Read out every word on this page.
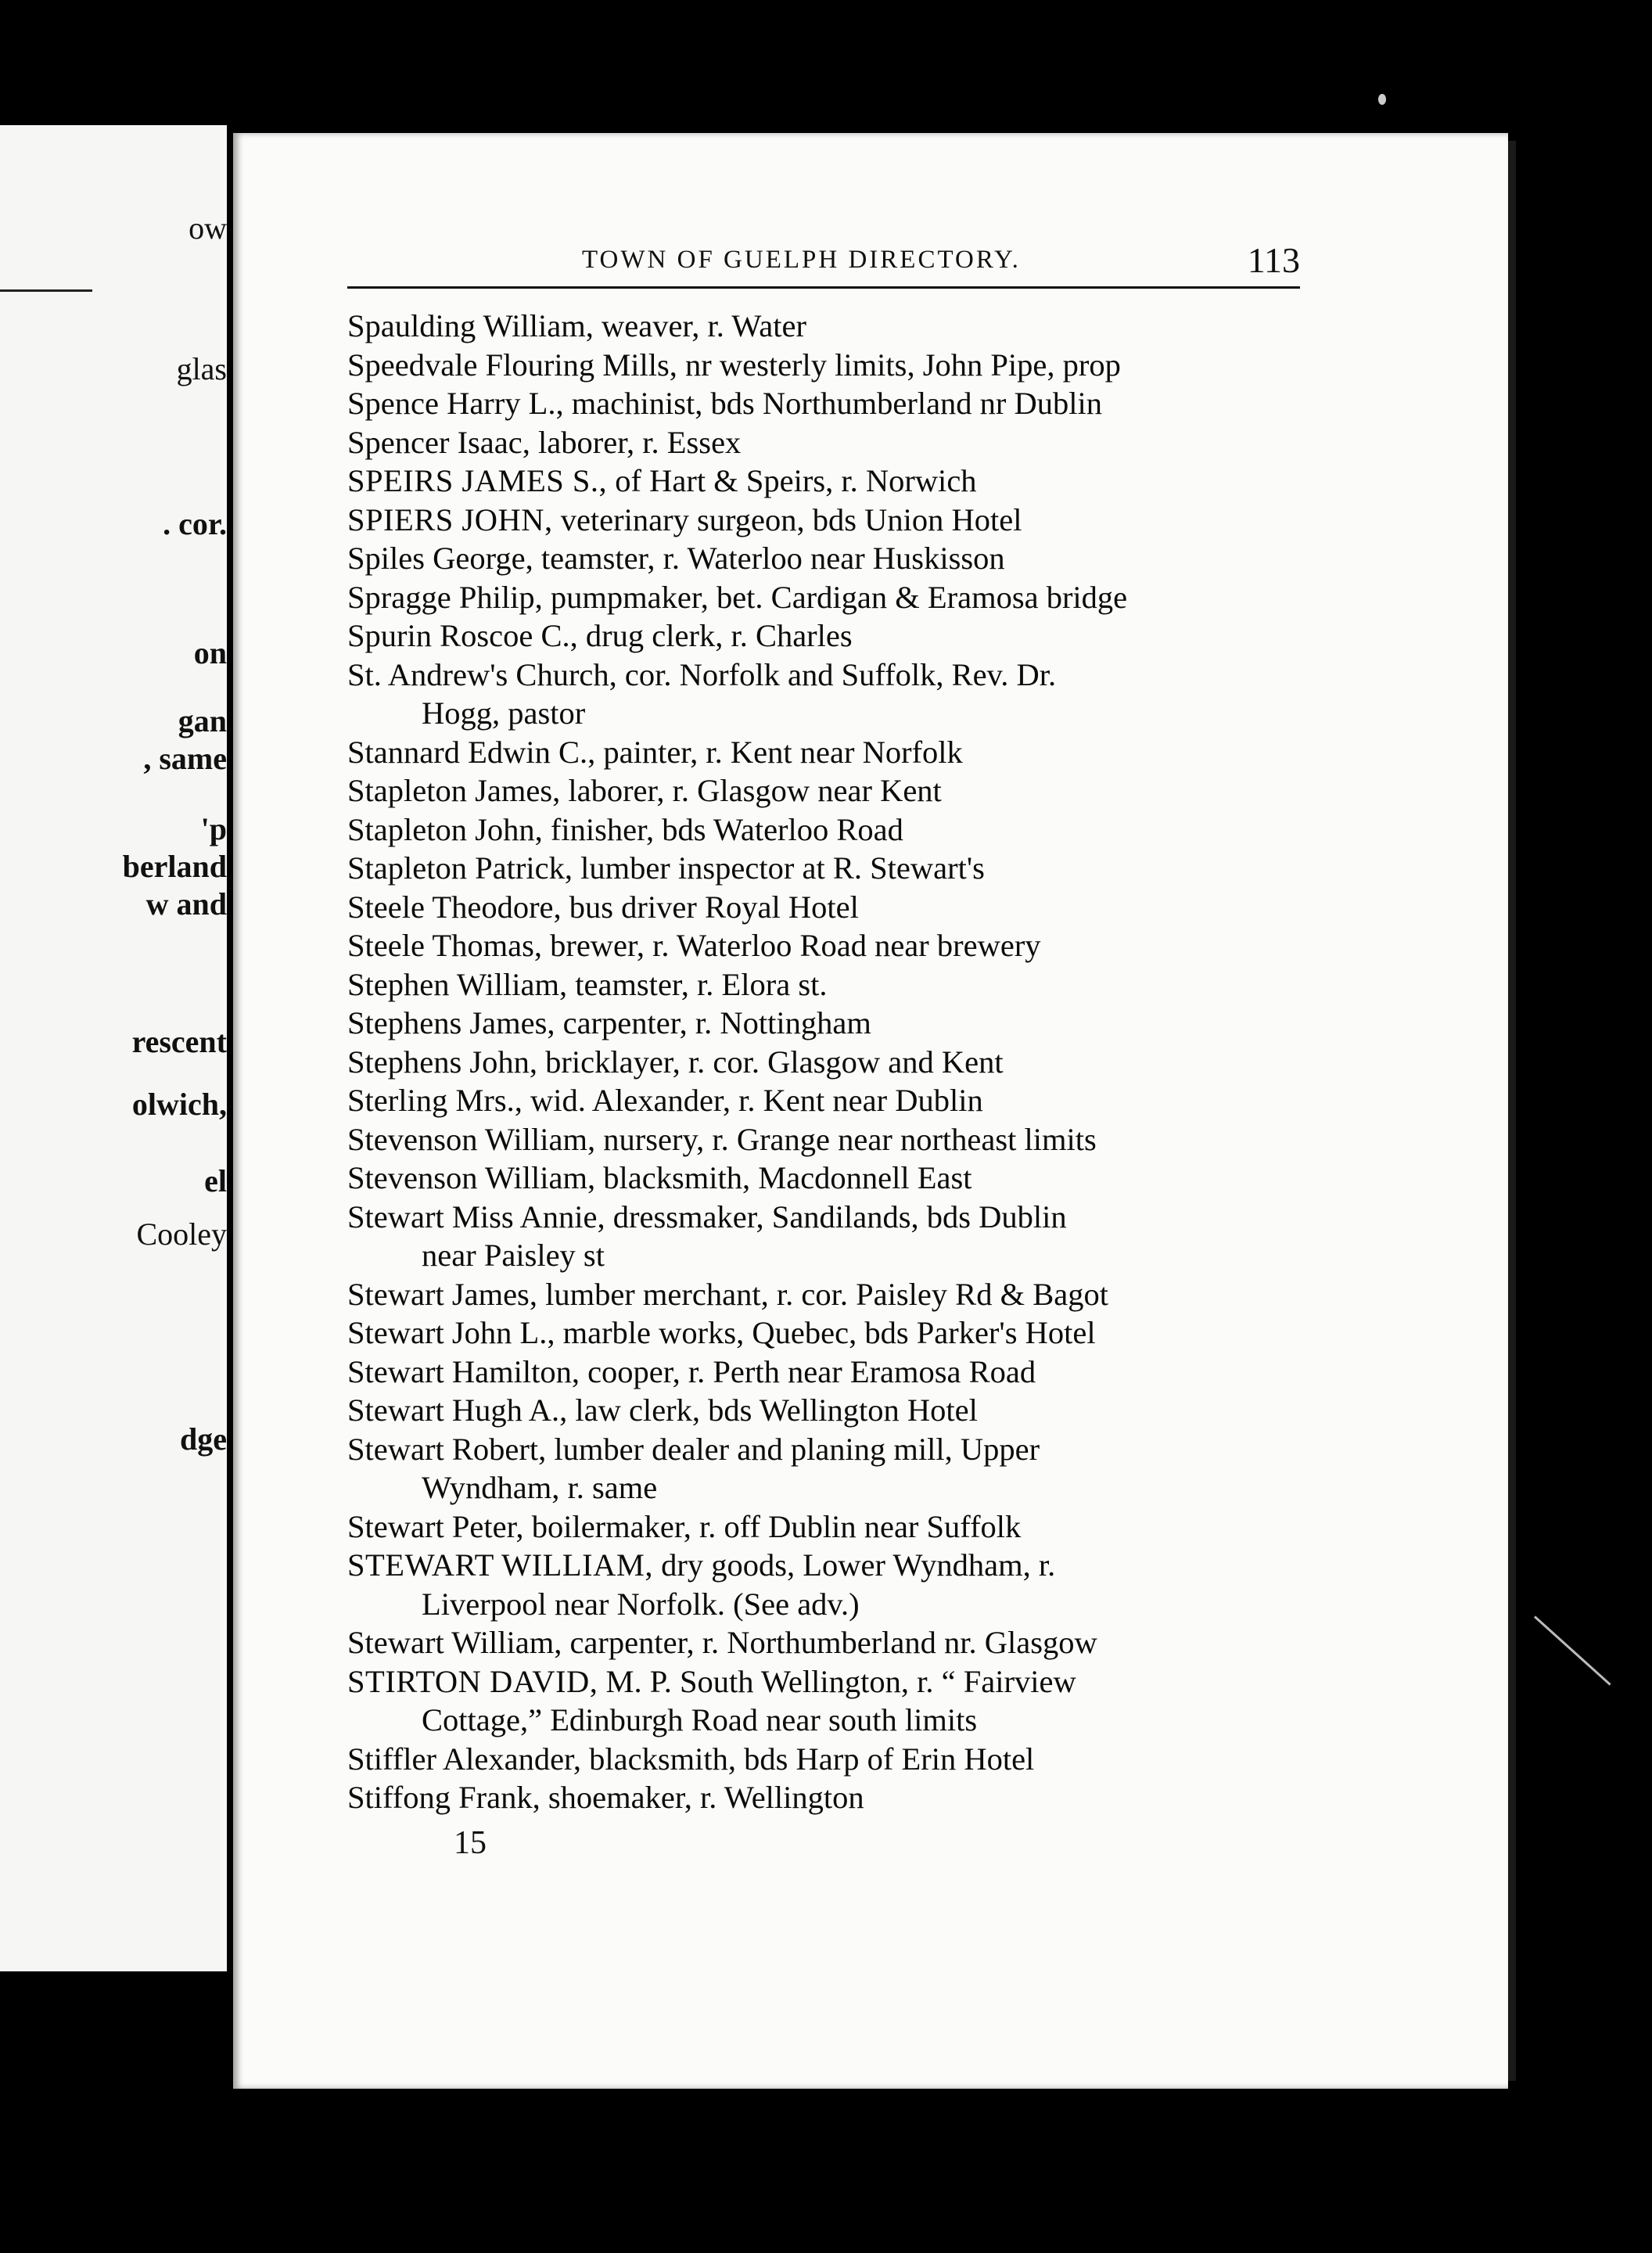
ow
glas
. cor.
on
gan
, same
'p
berland
w and
rescent
olwich,
el
Cooley
dge
TOWN OF GUELPH DIRECTORY.	113
Spaulding William, weaver, r. Water
Speedvale Flouring Mills, nr westerly limits, John Pipe, prop
Spence Harry L., machinist, bds Northumberland nr Dublin
Spencer Isaac, laborer, r. Essex
SPEIRS JAMES S., of Hart & Speirs, r. Norwich
SPIERS JOHN, veterinary surgeon, bds Union Hotel
Spiles George, teamster, r. Waterloo near Huskisson
Spragge Philip, pumpmaker, bet. Cardigan & Eramosa bridge
Spurin Roscoe C., drug clerk, r. Charles
St. Andrew's Church, cor. Norfolk and Suffolk, Rev. Dr.
Hogg, pastor
Stannard Edwin C., painter, r. Kent near Norfolk
Stapleton James, laborer, r. Glasgow near Kent
Stapleton John, finisher, bds Waterloo Road
Stapleton Patrick, lumber inspector at R. Stewart's
Steele Theodore, bus driver Royal Hotel
Steele Thomas, brewer, r. Waterloo Road near brewery
Stephen William, teamster, r. Elora st.
Stephens James, carpenter, r. Nottingham
Stephens John, bricklayer, r. cor. Glasgow and Kent
Sterling Mrs., wid. Alexander, r. Kent near Dublin
Stevenson William, nursery, r. Grange near northeast limits
Stevenson William, blacksmith, Macdonnell East
Stewart Miss Annie, dressmaker, Sandilands, bds Dublin
near Paisley st
Stewart James, lumber merchant, r. cor. Paisley Rd & Bagot
Stewart John L., marble works, Quebec, bds Parker's Hotel
Stewart Hamilton, cooper, r. Perth near Eramosa Road
Stewart Hugh A., law clerk, bds Wellington Hotel
Stewart Robert, lumber dealer and planing mill, Upper
Wyndham, r. same
Stewart Peter, boilermaker, r. off Dublin near Suffolk
STEWART WILLIAM, dry goods, Lower Wyndham, r.
Liverpool near Norfolk. (See adv.)
Stewart William, carpenter, r. Northumberland nr. Glasgow
STIRTON DAVID, M. P. South Wellington, r. “ Fairview
Cottage,” Edinburgh Road near south limits
Stiffler Alexander, blacksmith, bds Harp of Erin Hotel
Stiffong Frank, shoemaker, r. Wellington
15
